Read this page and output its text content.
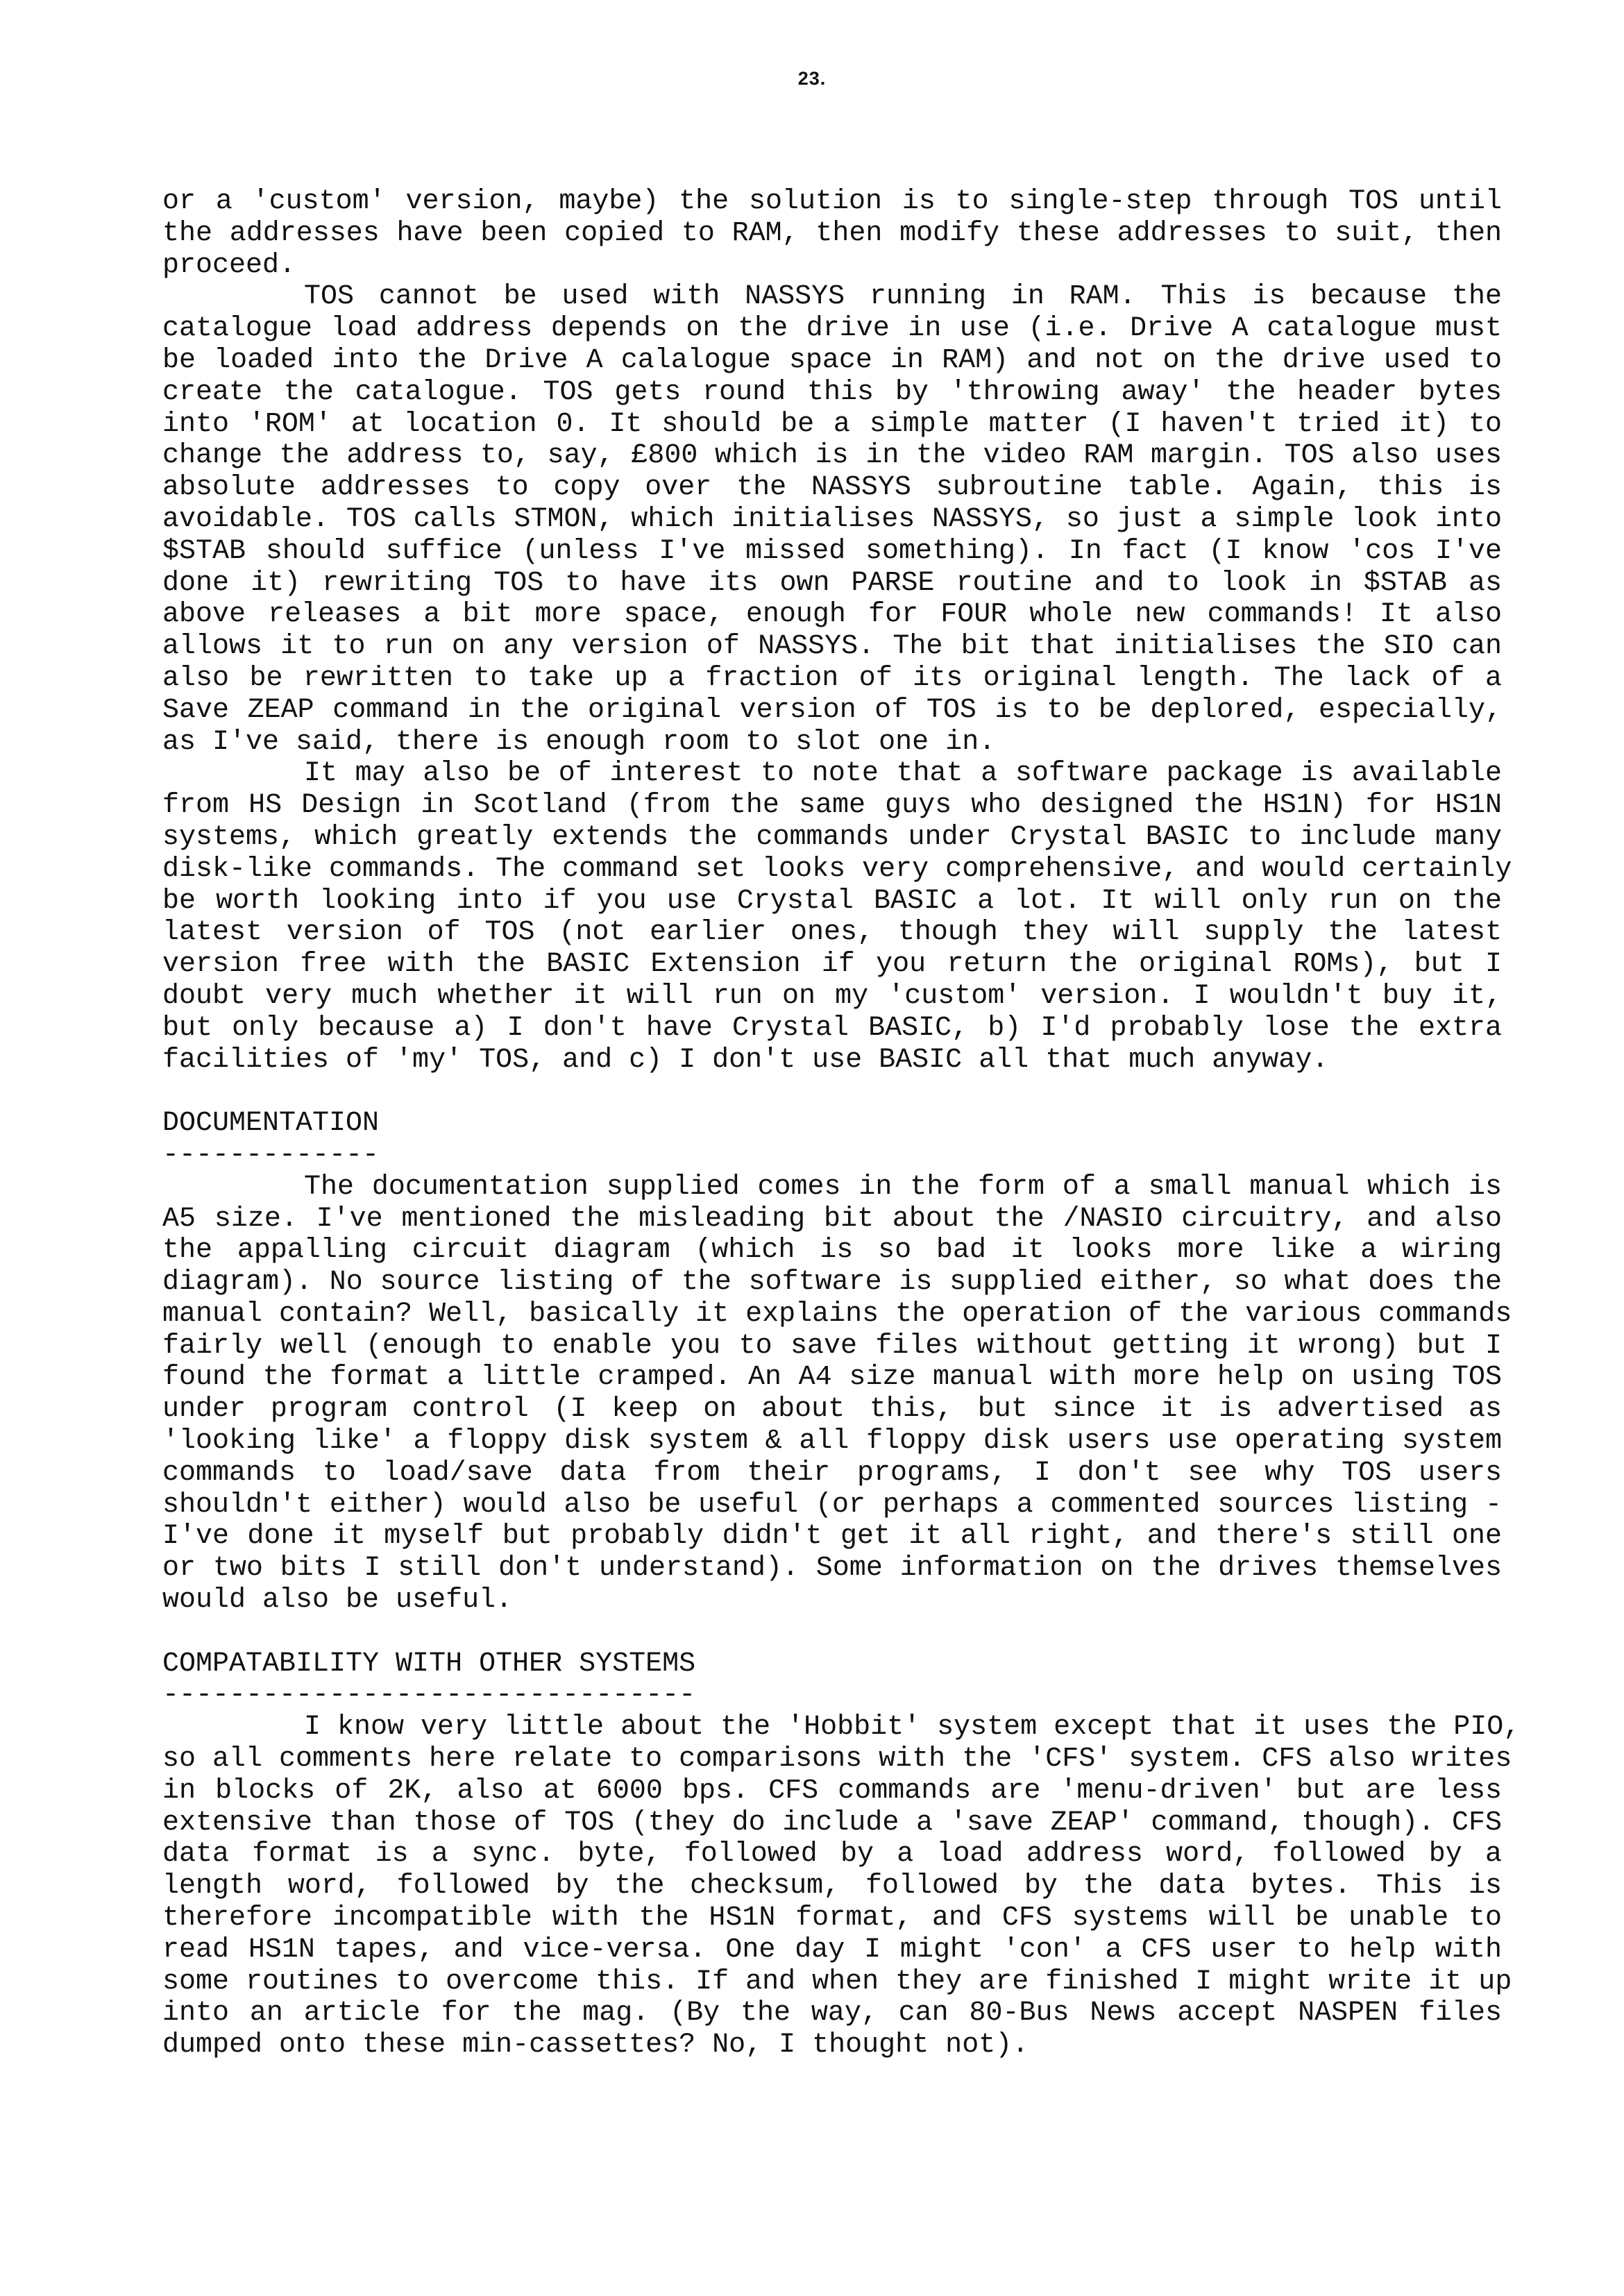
23.

or a 'custom' version, maybe) the solution is to single-step through TOS until
the addresses have been copied to RAM, then modify these addresses to suit, then
proceed.

TOS cannot be used with NASSYS running in RAM. This is because the
catalogue load address depends on the drive in use (i.e. Drive A catalogue must
be loaded into the Drive A calalogue space in RAM) and not on the drive used to
create the catalogue. TOS gets round this by 'throwing away' the header bytes
into 'ROM' at location 0. It should be a simple matter (I haven't tried it) to
change the address to, say, £800 which is in the video RAM margin. TOS also uses
absolute addresses to copy over the NASSYS subroutine table. Again, this is
avoidable. TOS calls STMON, which initialises NASSYS, so just a simple look into
$STAB should suffice (unless I've missed something). In fact (I know 'cos I've
done it) rewriting TOS to have its own PARSE routine and to look in $STAB as
above releases a bit more space, enough for FOUR whole new commands! It also
allows it to run on any version of NASSYS. The bit that initialises the SIO can
also be rewritten to take up a fraction of its original length. The lack of a
Save ZEAP command in the original version of TOS is to be deplored, especially,
as I've said, there is enough room to slot one in.

It may also be of interest to note that a software package is available
from HS Design in Scotland (from the same guys who designed the HS1N) for HS1N
systems, which greatly extends the commands under Crystal BASIC to include many
disk-like commands. The command set looks very comprehensive, and would certainly
be worth looking into if you use Crystal BASIC a lot. It will only run on the
latest version of TOS (not earlier ones, though they will supply the latest
version free with the BASIC Extension if you return the original ROMs), but I
doubt very much whether it will run on my 'custom' version. I wouldn't buy it,
but only because a) I don't have Crystal BASIC, b) I'd probably lose the extra
facilities of 'my' TOS, and c) I don't use BASIC all that much anyway.

DOCUMENTATION
-------------

The documentation supplied comes in the form of a small manual which is
A5 size. I've mentioned the misleading bit about the /NASIO circuitry, and also
the appalling circuit diagram (which is so bad it looks more like a wiring
diagram). No source listing of the software is supplied either, so what does the
manual contain? Well, basically it explains the operation of the various commands
fairly well (enough to enable you to save files without getting it wrong) but I
found the format a little cramped. An A4 size manual with more help on using TOS
under program control (I keep on about this, but since it is advertised as
'looking like' a floppy disk system & all floppy disk users use operating system
commands to load/save data from their programs, I don't see why TOS users
shouldn't either) would also be useful (or perhaps a commented sources listing -
I've done it myself but probably didn't get it all right, and there's still one
or two bits I still don't understand). Some information on the drives themselves
would also be useful.

COMPATABILITY WITH OTHER SYSTEMS
--------------------------------

I know very little about the 'Hobbit' system except that it uses the PIO,
so all comments here relate to comparisons with the 'CFS' system. CFS also writes
in blocks of 2K, also at 6000 bps. CFS commands are 'menu-driven' but are less
extensive than those of TOS (they do include a 'save ZEAP' command, though). CFS
data format is a sync. byte, followed by a load address word, followed by a
length word, followed by the checksum, followed by the data bytes. This is
therefore incompatible with the HS1N format, and CFS systems will be unable to
read HS1N tapes, and vice-versa. One day I might 'con' a CFS user to help with
some routines to overcome this. If and when they are finished I might write it up
into an article for the mag. (By the way, can 80-Bus News accept NASPEN files
dumped onto these min-cassettes? No, I thought not).
